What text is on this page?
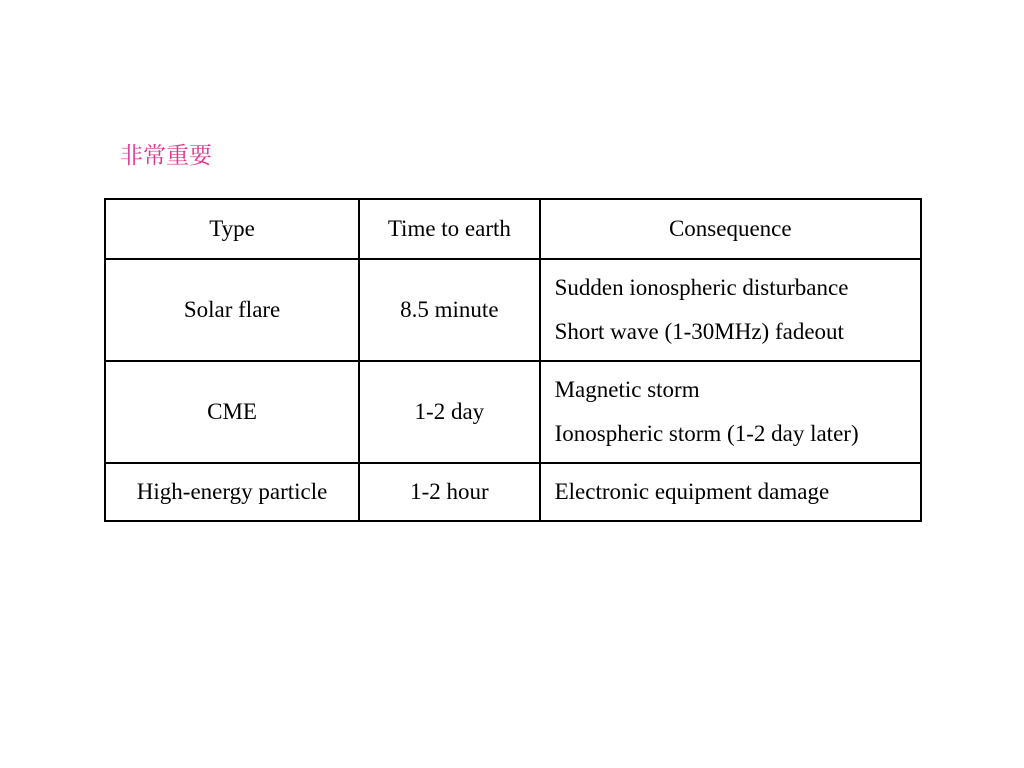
非常重要
Type	Time to earth	Consequence
Solar flare	8.5 minute	Sudden ionospheric disturbance
Short wave (1-30MHz) fadeout

CME	1-2 day	Magnetic storm
Ionospheric storm (1-2 day later)

High-energy particle	1-2 hour	Electronic equipment damage
